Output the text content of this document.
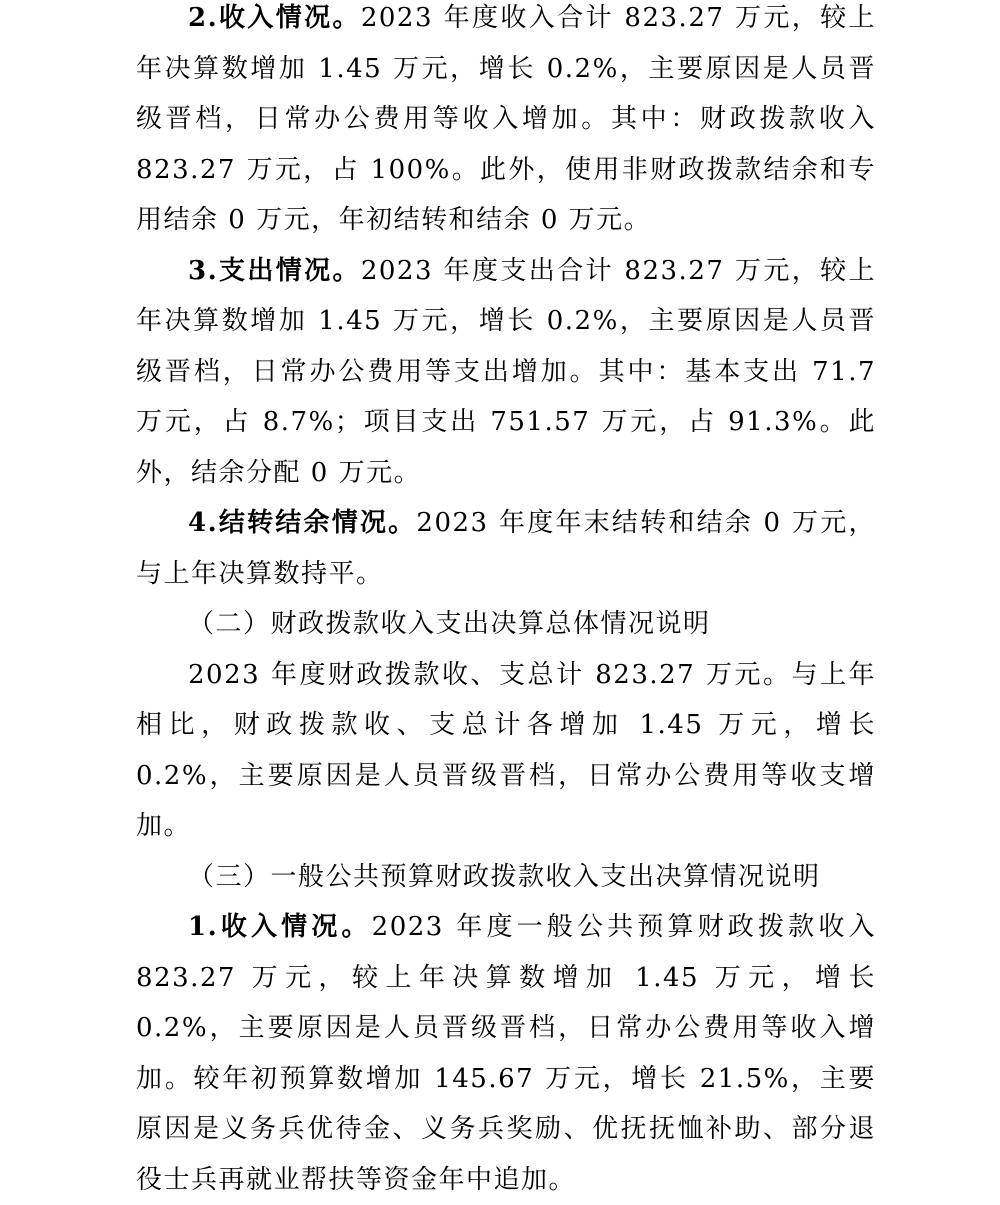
2.收入情况。2023 年度收入合计 823.27 万元，较上年决算数增加 1.45 万元，增长 0.2%，主要原因是人员晋级晋档，日常办公费用等收入增加。其中：财政拨款收入 823.27 万元，占 100%。此外，使用非财政拨款结余和专用结余 0 万元，年初结转和结余 0 万元。

3.支出情况。2023 年度支出合计 823.27 万元，较上年决算数增加 1.45 万元，增长 0.2%，主要原因是人员晋级晋档，日常办公费用等支出增加。其中：基本支出 71.7 万元，占 8.7%；项目支出 751.57 万元，占 91.3%。此外，结余分配 0 万元。

4.结转结余情况。2023 年度年末结转和结余 0 万元，与上年决算数持平。

（二）财政拨款收入支出决算总体情况说明

2023 年度财政拨款收、支总计 823.27 万元。与上年相比，财政拨款收、支总计各增加 1.45 万元，增长 0.2%，主要原因是人员晋级晋档，日常办公费用等收支增加。

（三）一般公共预算财政拨款收入支出决算情况说明

1.收入情况。2023 年度一般公共预算财政拨款收入 823.27 万元，较上年决算数增加 1.45 万元，增长 0.2%，主要原因是人员晋级晋档，日常办公费用等收入增加。较年初预算数增加 145.67 万元，增长 21.5%，主要原因是义务兵优待金、义务兵奖励、优抚抚恤补助、部分退役士兵再就业帮扶等资金年中追加。
